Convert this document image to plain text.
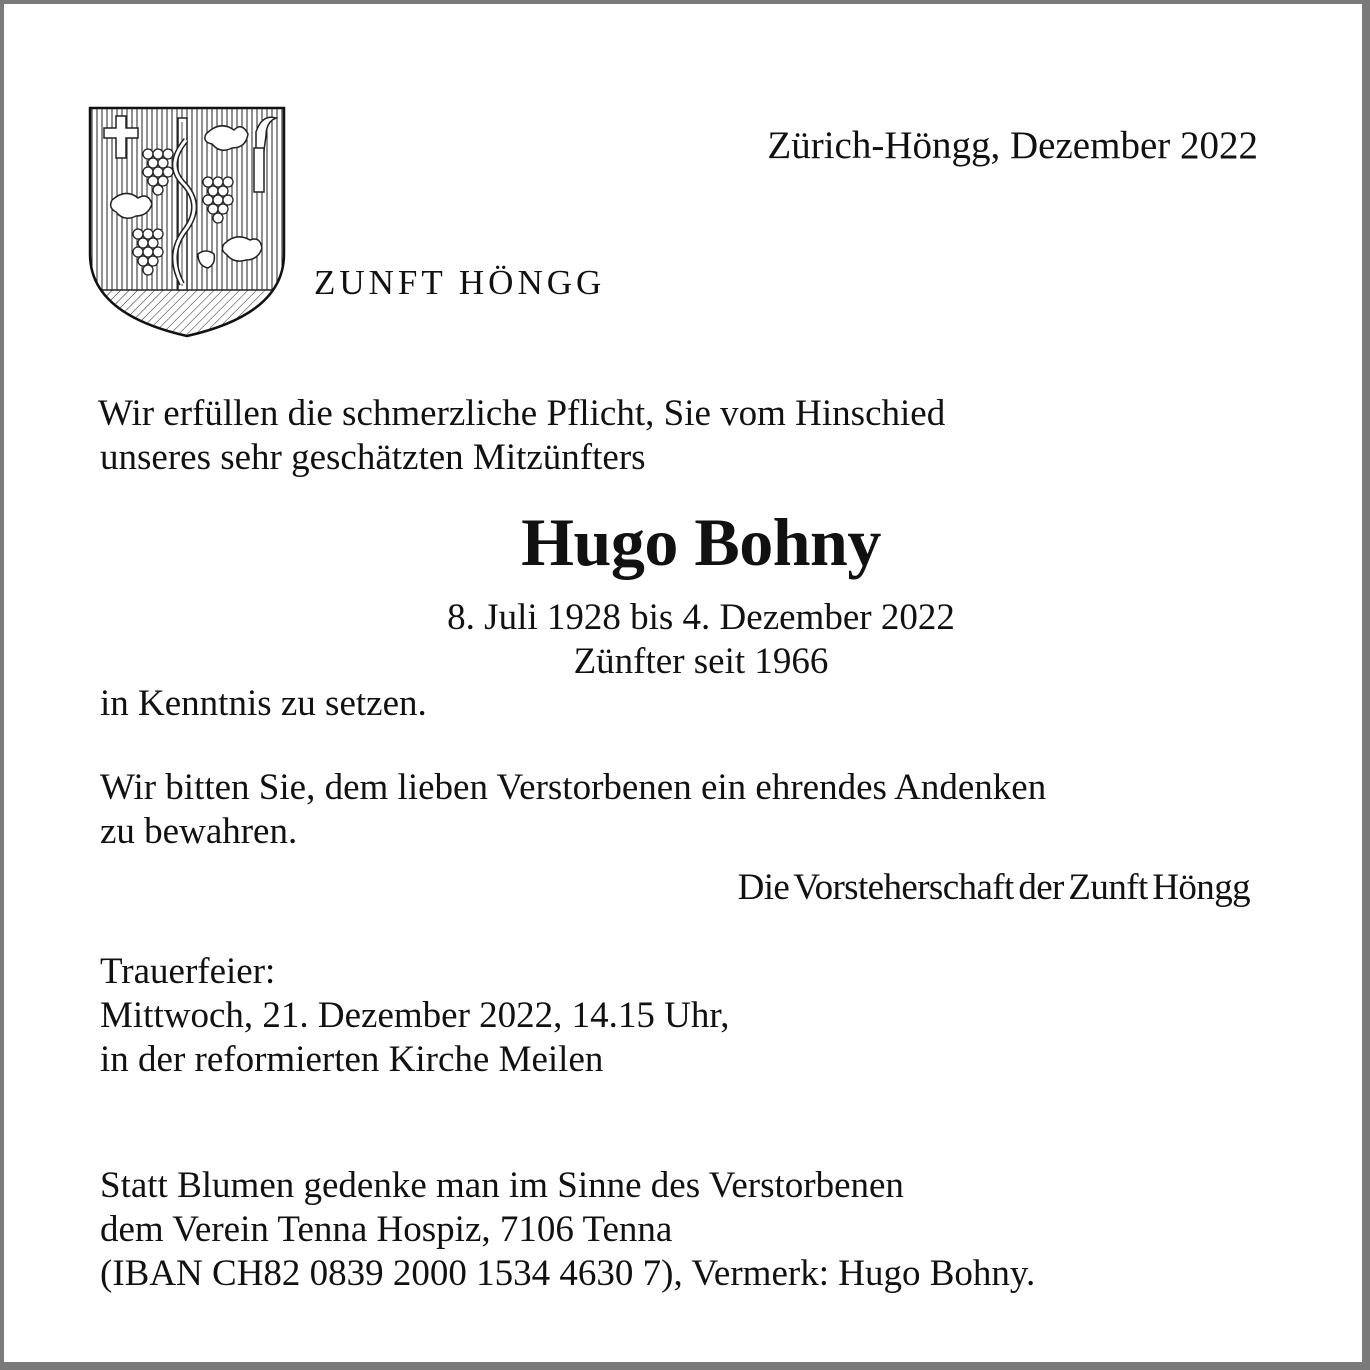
Zürich-Höngg, Dezember 2022
ZUNFT HÖNGG
Wir erfüllen die schmerzliche Pflicht, Sie vom Hinschied
unseres sehr geschätzten Mitzünfters
Hugo Bohny
8. Juli 1928 bis 4. Dezember 2022
Zünfter seit 1966
in Kenntnis zu setzen.
Wir bitten Sie, dem lieben Verstorbenen ein ehrendes Andenken
zu bewahren.
Die Vorsteherschaft der Zunft Höngg
Trauerfeier:
Mittwoch, 21. Dezember 2022, 14.15 Uhr,
in der reformierten Kirche Meilen
Statt Blumen gedenke man im Sinne des Verstorbenen
dem Verein Tenna Hospiz, 7106 Tenna
(IBAN CH82 0839 2000 1534 4630 7), Vermerk: Hugo Bohny.
